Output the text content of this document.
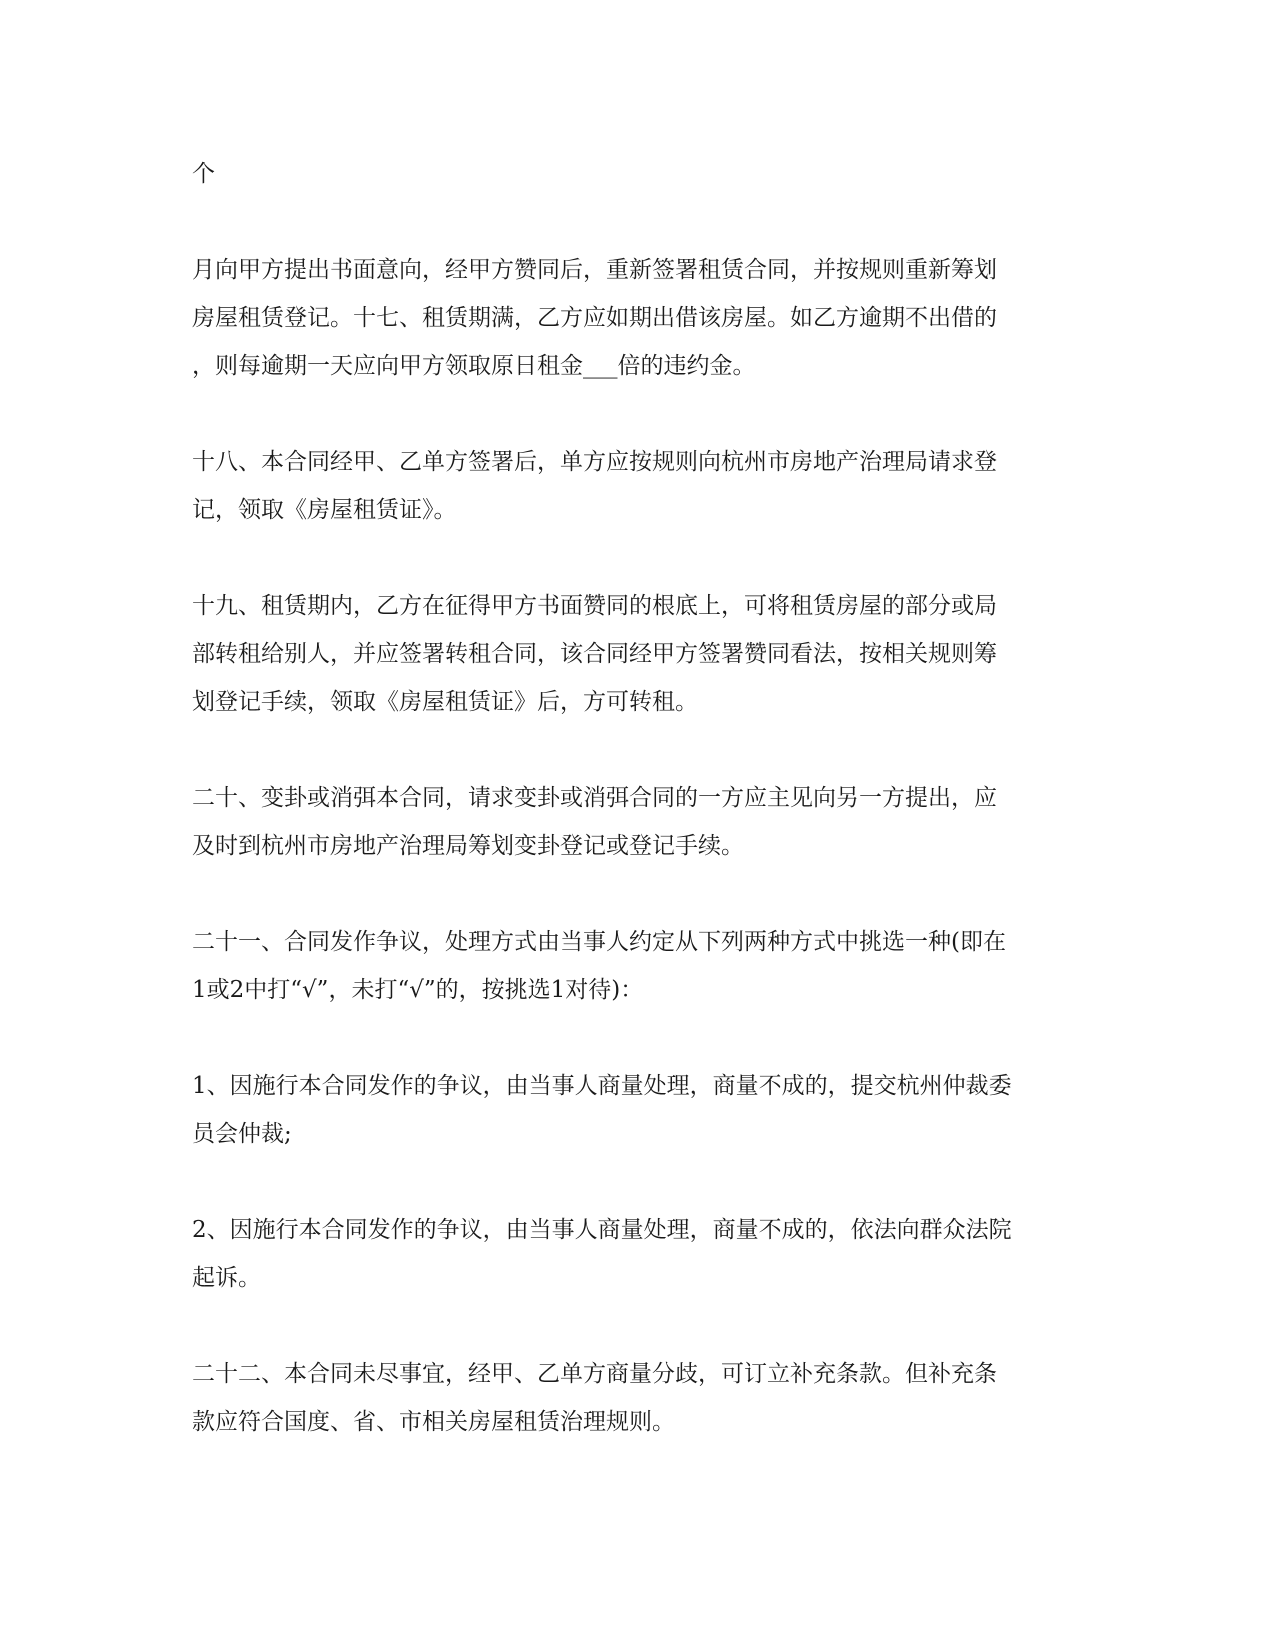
个

月向甲方提出书面意向，经甲方赞同后，重新签署租赁合同，并按规则重新筹划
房屋租赁登记。十七、租赁期满，乙方应如期出借该房屋。如乙方逾期不出借的
，则每逾期一天应向甲方领取原日租金___倍的违约金。

十八、本合同经甲、乙单方签署后，单方应按规则向杭州市房地产治理局请求登
记，领取《房屋租赁证》。

十九、租赁期内，乙方在征得甲方书面赞同的根底上，可将租赁房屋的部分或局
部转租给别人，并应签署转租合同，该合同经甲方签署赞同看法，按相关规则筹
划登记手续，领取《房屋租赁证》后，方可转租。

二十、变卦或消弭本合同，请求变卦或消弭合同的一方应主见向另一方提出，应
及时到杭州市房地产治理局筹划变卦登记或登记手续。

二十一、合同发作争议，处理方式由当事人约定从下列两种方式中挑选一种(即在
1或2中打“√”，未打“√”的，按挑选1对待)：

1、因施行本合同发作的争议，由当事人商量处理，商量不成的，提交杭州仲裁委
员会仲裁;

2、因施行本合同发作的争议，由当事人商量处理，商量不成的，依法向群众法院
起诉。

二十二、本合同未尽事宜，经甲、乙单方商量分歧，可订立补充条款。但补充条
款应符合国度、省、市相关房屋租赁治理规则。
